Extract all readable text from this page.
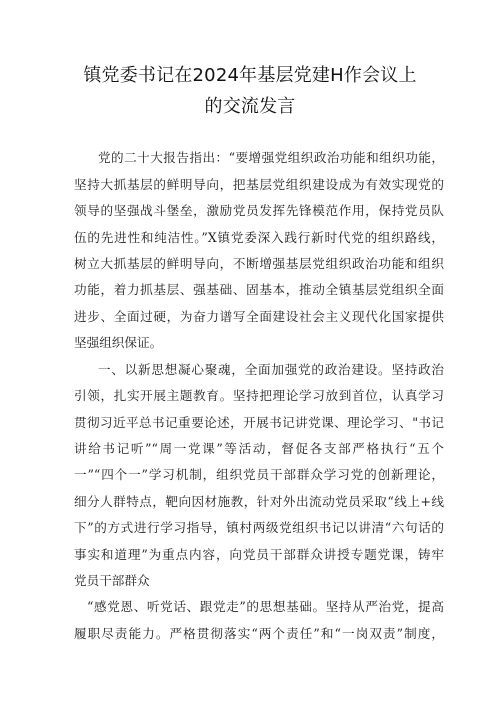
镇党委书记在2024年基层党建H作会议上
的交流发言
党的二十大报告指出：“要增强党组织政治功能和组织功能，
坚持大抓基层的鲜明导向，把基层党组织建设成为有效实现党的
领导的坚强战斗堡垒，激励党员发挥先锋模范作用，保持党员队
伍的先进性和纯洁性。”X镇党委深入践行新时代党的组织路线，
树立大抓基层的鲜明导向，不断增强基层党组织政治功能和组织
功能，着力抓基层、强基础、固基本，推动全镇基层党组织全面
进步、全面过硬，为奋力谱写全面建设社会主义现代化国家提供
坚强组织保证。
一、以新思想凝心聚魂，全面加强党的政治建设。坚持政治
引领，扎实开展主题教育。坚持把理论学习放到首位，认真学习
贯彻习近平总书记重要论述，开展书记讲党课、理论学习、"书记
讲给书记听”“周一党课”等活动，督促各支部严格执行“五个
一”“四个一”学习机制，组织党员干部群众学习党的创新理论，
细分人群特点，靶向因材施教，针对外出流动党员采取“线上+线
下”的方式进行学习指导，镇村两级党组织书记以讲清“六句话的
事实和道理”为重点内容，向党员干部群众讲授专题党课，铸牢
党员干部群众
“感党恩、听党话、跟党走”的思想基础。坚持从严治党，提高
履职尽责能力。严格贯彻落实“两个责任”和“一岗双责”制度，
